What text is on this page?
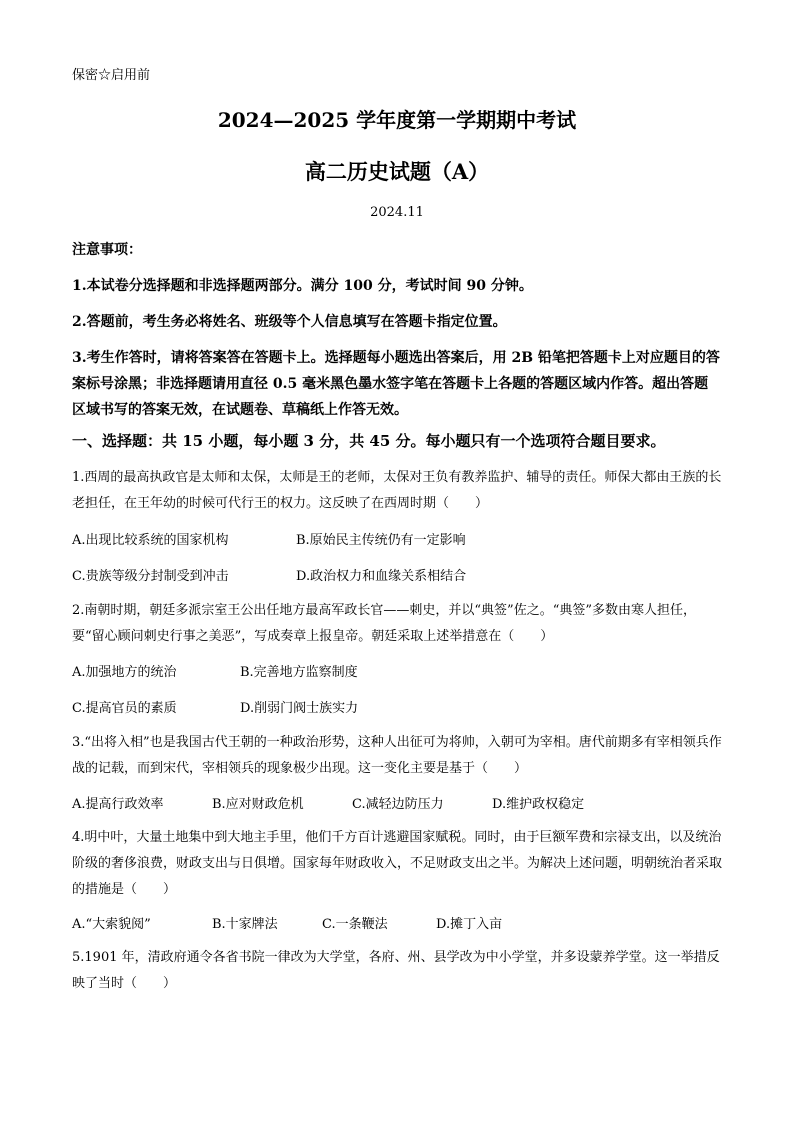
保密☆启用前
2024—2025 学年度第一学期期中考试
高二历史试题（A）
2024.11
注意事项：
1.本试卷分选择题和非选择题两部分。满分 100 分，考试时间 90 分钟。
2.答题前，考生务必将姓名、班级等个人信息填写在答题卡指定位置。
3.考生作答时，请将答案答在答题卡上。选择题每小题选出答案后，用 2B 铅笔把答题卡上对应题目的答案标号涂黑；非选择题请用直径 0.5 毫米黑色墨水签字笔在答题卡上各题的答题区域内作答。超出答题区域书写的答案无效，在试题卷、草稿纸上作答无效。
一、选择题：共 15 小题，每小题 3 分，共 45 分。每小题只有一个选项符合题目要求。
1.西周的最高执政官是太师和太保，太师是王的老师，太保对王负有教养监护、辅导的责任。师保大都由王族的长老担任，在王年幼的时候可代行王的权力。这反映了在西周时期（　　）
A.出现比较系统的国家机构	B.原始民主传统仍有一定影响
C.贵族等级分封制受到冲击	D.政治权力和血缘关系相结合
2.南朝时期，朝廷多派宗室王公出任地方最高军政长官——刺史，并以“典签”佐之。“典签”多数由寒人担任，要“留心顾问刺史行事之美恶”，写成奏章上报皇帝。朝廷采取上述举措意在（　　）
A.加强地方的统治	B.完善地方监察制度
C.提高官员的素质	D.削弱门阀士族实力
3.“出将入相”也是我国古代王朝的一种政治形势，这种人出征可为将帅，入朝可为宰相。唐代前期多有宰相领兵作战的记载，而到宋代，宰相领兵的现象极少出现。这一变化主要是基于（　　）
A.提高行政效率	B.应对财政危机	C.减轻边防压力	D.维护政权稳定
4.明中叶，大量土地集中到大地主手里，他们千方百计逃避国家赋税。同时，由于巨额军费和宗禄支出，以及统治阶级的奢侈浪费，财政支出与日俱增。国家每年财政收入，不足财政支出之半。为解决上述问题，明朝统治者采取的措施是（　　）
A.“大索貌阅”	B.十家牌法	C.一条鞭法	D.摊丁入亩
5.1901 年，清政府通令各省书院一律改为大学堂，各府、州、县学改为中小学堂，并多设蒙养学堂。这一举措反映了当时（　　）
